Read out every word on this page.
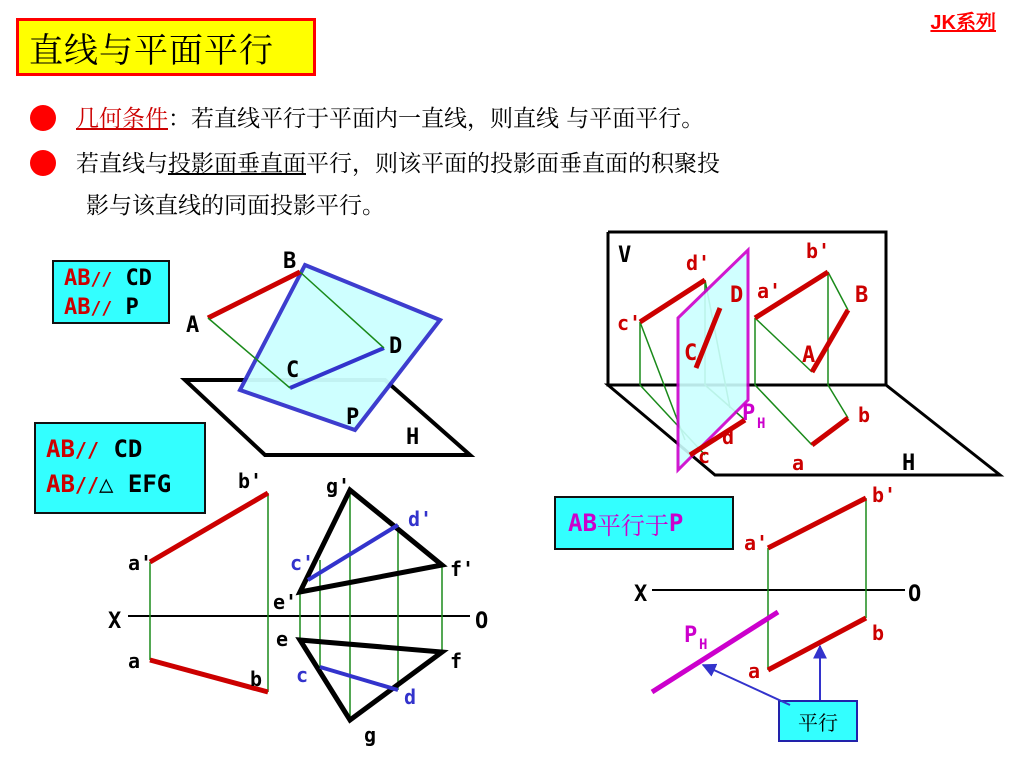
直线与平面平行
JK系列
几何条件：若直线平行于平面内一直线，则直线 与平面平行。
若直线与投影面垂直面平行，则该平面的投影面垂直面的积聚投
影与该直线的同面投影平行。
AB// CD
AB// P
AB// CD
AB//△ EFG
AB 平行于 P
平行
B
A
D
C
P
H
X	O
a'
b'
a
b
g'
d'
c'	f'
e'
e
f
c
d
g
V	b'
d'
D a'	B
c'
C	A
P H	b
d
c	a	H
X	O
b'
a'
P H	b
a
